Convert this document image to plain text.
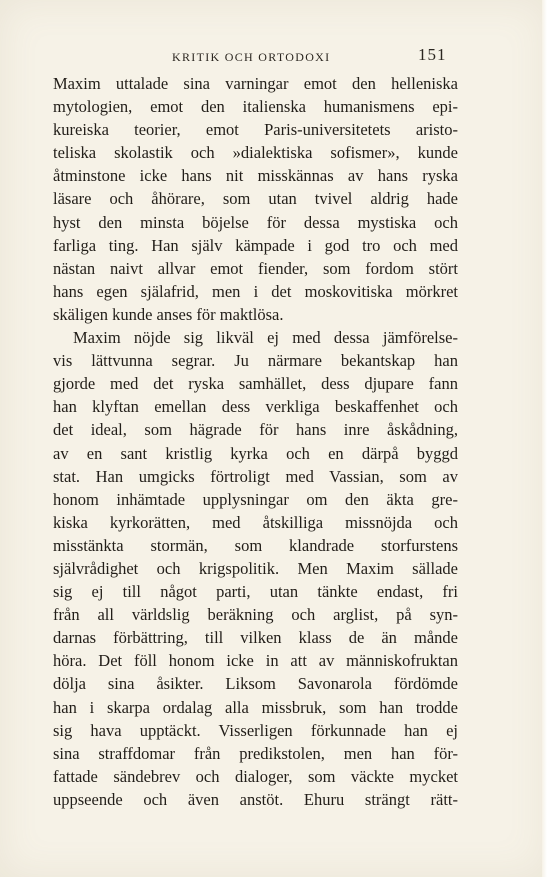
KRITIK OCH ORTODOXI	151
Maxim uttalade sina varningar emot den helleniska
mytologien, emot den italienska humanismens epi-
kureiska teorier, emot Paris-universitetets aristo-
teliska skolastik och »dialektiska sofismer», kunde
åtminstone icke hans nit misskännas av hans ryska
läsare och åhörare, som utan tvivel aldrig hade
hyst den minsta böjelse för dessa mystiska och
farliga ting. Han själv kämpade i god tro och med
nästan naivt allvar emot fiender, som fordom stört
hans egen själafrid, men i det moskovitiska mörkret
skäligen kunde anses för maktlösa.
Maxim nöjde sig likväl ej med dessa jämförelse-
vis lättvunna segrar. Ju närmare bekantskap han
gjorde med det ryska samhället, dess djupare fann
han klyftan emellan dess verkliga beskaffenhet och
det ideal, som hägrade för hans inre åskådning,
av en sant kristlig kyrka och en därpå byggd
stat. Han umgicks förtroligt med Vassian, som av
honom inhämtade upplysningar om den äkta gre-
kiska kyrkorätten, med åtskilliga missnöjda och
misstänkta stormän, som klandrade storfurstens
självrådighet och krigspolitik. Men Maxim sällade
sig ej till något parti, utan tänkte endast, fri
från all världslig beräkning och arglist, på syn-
darnas förbättring, till vilken klass de än månde
höra. Det föll honom icke in att av människofruktan
dölja sina åsikter. Liksom Savonarola fördömde
han i skarpa ordalag alla missbruk, som han trodde
sig hava upptäckt. Visserligen förkunnade han ej
sina straffdomar från predikstolen, men han för-
fattade sändebrev och dialoger, som väckte mycket
uppseende och även anstöt. Ehuru strängt rätt-
